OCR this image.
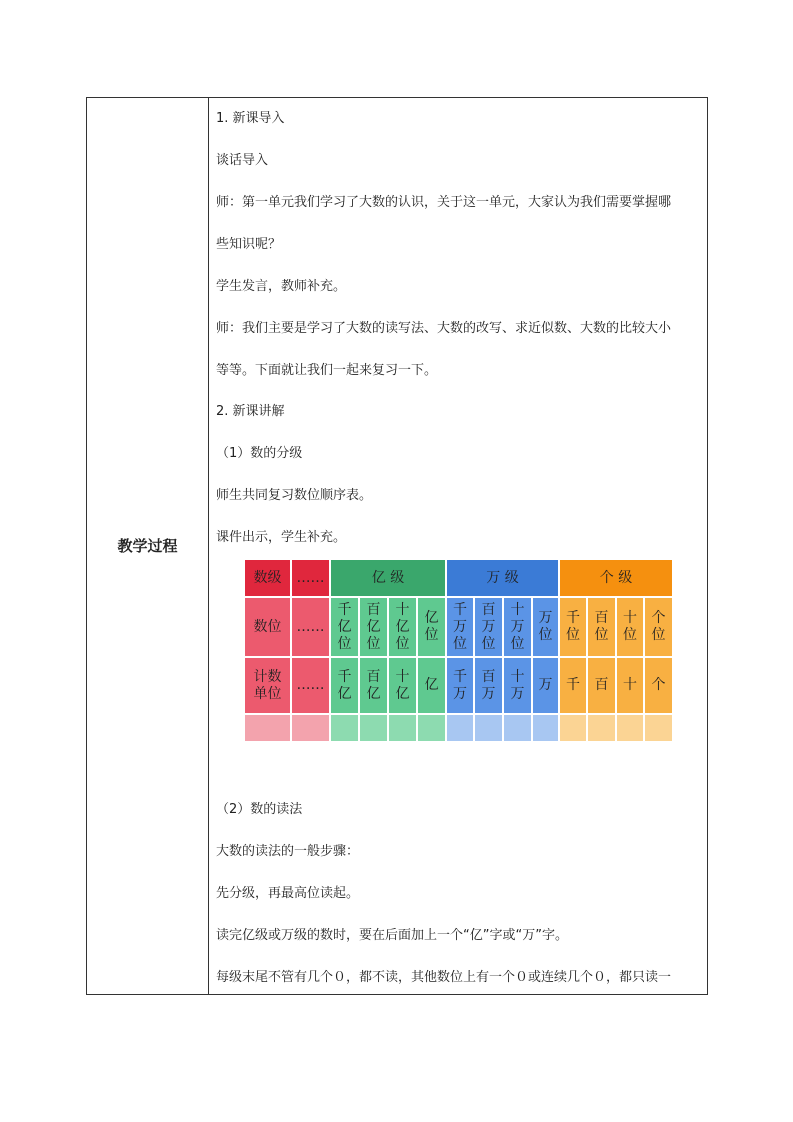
教学过程
1. 新课导入
谈话导入
师：第一单元我们学习了大数的认识，关于这一单元，大家认为我们需要掌握哪
些知识呢？
学生发言，教师补充。
师：我们主要是学习了大数的读写法、大数的改写、求近似数、大数的比较大小
等等。下面就让我们一起来复习一下。
2. 新课讲解
（1）数的分级
师生共同复习数位顺序表。
课件出示，学生补充。
（2）数的读法
大数的读法的一般步骤：
先分级，再最高位读起。
读完亿级或万级的数时，要在后面加上一个“亿”字或“万”字。
每级末尾不管有几个０，都不读，其他数位上有一个０或连续几个０，都只读一
数级
数位
计数
单位
……
……
……
亿 级
千
亿
位
千
亿
百
亿
位
百
亿
十
亿
位
十
亿
亿
位
亿
万 级
千
万
位
千
万
百
万
位
百
万
十
万
位
十
万
万
位
万
个 级
千
位
千
百
位
百
十
位
十
个
位
个
